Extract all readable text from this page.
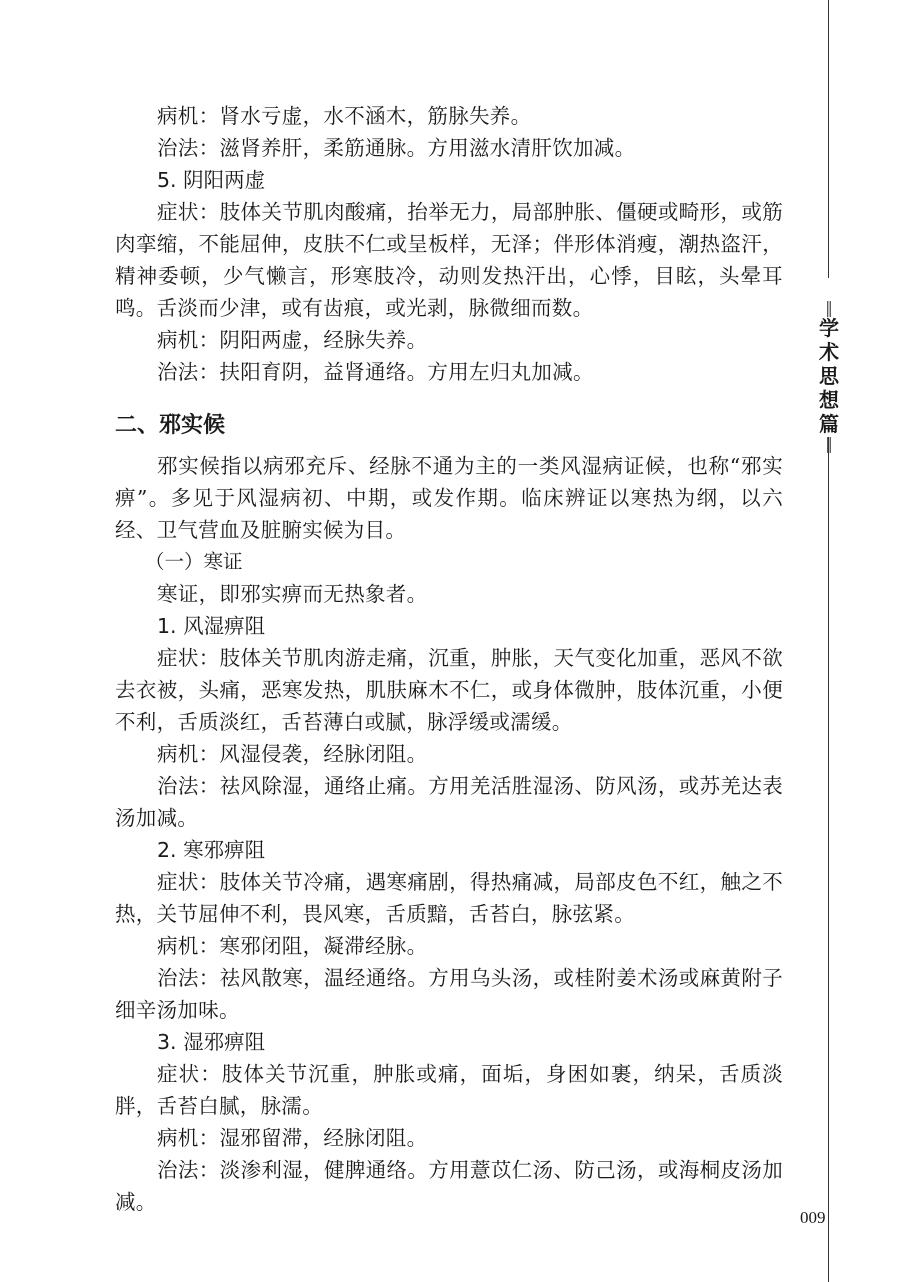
‖
学
术
思
想
篇
‖

病机：肾水亏虚，水不涵木，筋脉失养。

治法：滋肾养肝，柔筋通脉。方用滋水清肝饮加减。

5. 阴阳两虚

症状：肢体关节肌肉酸痛，抬举无力，局部肿胀、僵硬或畸形，或筋肉挛缩，不能屈伸，皮肤不仁或呈板样，无泽；伴形体消瘦，潮热盗汗，精神委顿，少气懒言，形寒肢冷，动则发热汗出，心悸，目眩，头晕耳鸣。舌淡而少津，或有齿痕，或光剥，脉微细而数。

病机：阴阳两虚，经脉失养。

治法：扶阳育阴，益肾通络。方用左归丸加减。

二、邪实候

邪实候指以病邪充斥、经脉不通为主的一类风湿病证候，也称“邪实痹”。多见于风湿病初、中期，或发作期。临床辨证以寒热为纲，以六经、卫气营血及脏腑实候为目。

（一）寒证

寒证，即邪实痹而无热象者。

1. 风湿痹阻

症状：肢体关节肌肉游走痛，沉重，肿胀，天气变化加重，恶风不欲去衣被，头痛，恶寒发热，肌肤麻木不仁，或身体微肿，肢体沉重，小便不利，舌质淡红，舌苔薄白或腻，脉浮缓或濡缓。

病机：风湿侵袭，经脉闭阻。

治法：祛风除湿，通络止痛。方用羌活胜湿汤、防风汤，或苏羌达表汤加减。

2. 寒邪痹阻

症状：肢体关节冷痛，遇寒痛剧，得热痛减，局部皮色不红，触之不热，关节屈伸不利，畏风寒，舌质黯，舌苔白，脉弦紧。

病机：寒邪闭阻，凝滞经脉。

治法：祛风散寒，温经通络。方用乌头汤，或桂附姜术汤或麻黄附子细辛汤加味。

3. 湿邪痹阻

症状：肢体关节沉重，肿胀或痛，面垢，身困如裹，纳呆，舌质淡胖，舌苔白腻，脉濡。

病机：湿邪留滞，经脉闭阻。

治法：淡渗利湿，健脾通络。方用薏苡仁汤、防己汤，或海桐皮汤加减。

009
